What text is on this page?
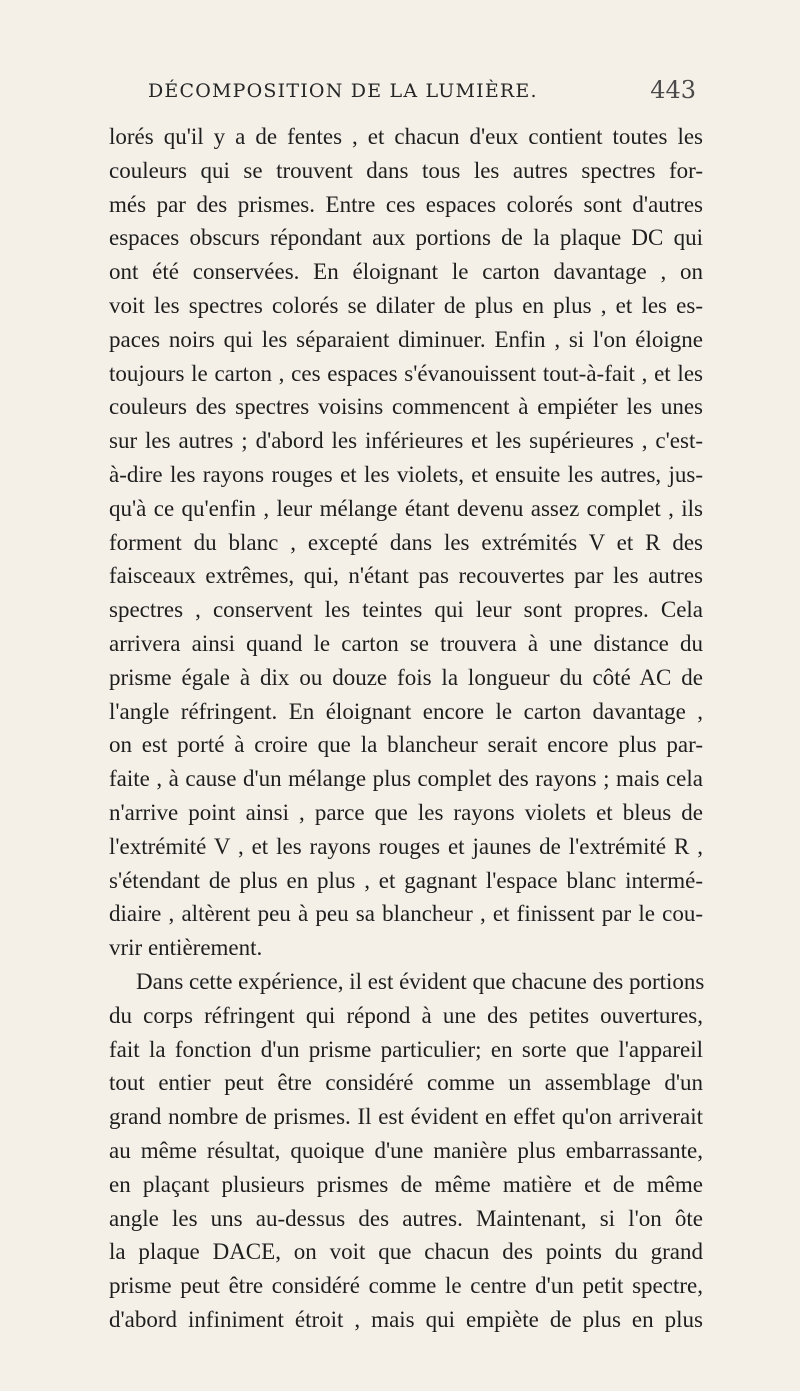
DÉCOMPOSITION DE LA LUMIÈRE.	443
lorés qu'il y a de fentes , et chacun d'eux contient toutes les
couleurs qui se trouvent dans tous les autres spectres for-
més par des prismes. Entre ces espaces colorés sont d'autres
espaces obscurs répondant aux portions de la plaque DC qui
ont été conservées. En éloignant le carton davantage , on
voit les spectres colorés se dilater de plus en plus , et les es-
paces noirs qui les séparaient diminuer. Enfin , si l'on éloigne
toujours le carton , ces espaces s'évanouissent tout-à-fait , et les
couleurs des spectres voisins commencent à empiéter les unes
sur les autres ; d'abord les inférieures et les supérieures , c'est-
à-dire les rayons rouges et les violets, et ensuite les autres, jus-
qu'à ce qu'enfin , leur mélange étant devenu assez complet , ils
forment du blanc , excepté dans les extrémités V et R des
faisceaux extrêmes, qui, n'étant pas recouvertes par les autres
spectres , conservent les teintes qui leur sont propres. Cela
arrivera ainsi quand le carton se trouvera à une distance du
prisme égale à dix ou douze fois la longueur du côté AC de
l'angle réfringent. En éloignant encore le carton davantage ,
on est porté à croire que la blancheur serait encore plus par-
faite , à cause d'un mélange plus complet des rayons ; mais cela
n'arrive point ainsi , parce que les rayons violets et bleus de
l'extrémité V , et les rayons rouges et jaunes de l'extrémité R ,
s'étendant de plus en plus , et gagnant l'espace blanc intermé-
diaire , altèrent peu à peu sa blancheur , et finissent par le cou-
vrir entièrement.
Dans cette expérience, il est évident que chacune des portions
du corps réfringent qui répond à une des petites ouvertures,
fait la fonction d'un prisme particulier; en sorte que l'appareil
tout entier peut être considéré comme un assemblage d'un
grand nombre de prismes. Il est évident en effet qu'on arriverait
au même résultat, quoique d'une manière plus embarrassante,
en plaçant plusieurs prismes de même matière et de même
angle les uns au-dessus des autres. Maintenant, si l'on ôte
la plaque DACE, on voit que chacun des points du grand
prisme peut être considéré comme le centre d'un petit spectre,
d'abord infiniment étroit , mais qui empiète de plus en plus
